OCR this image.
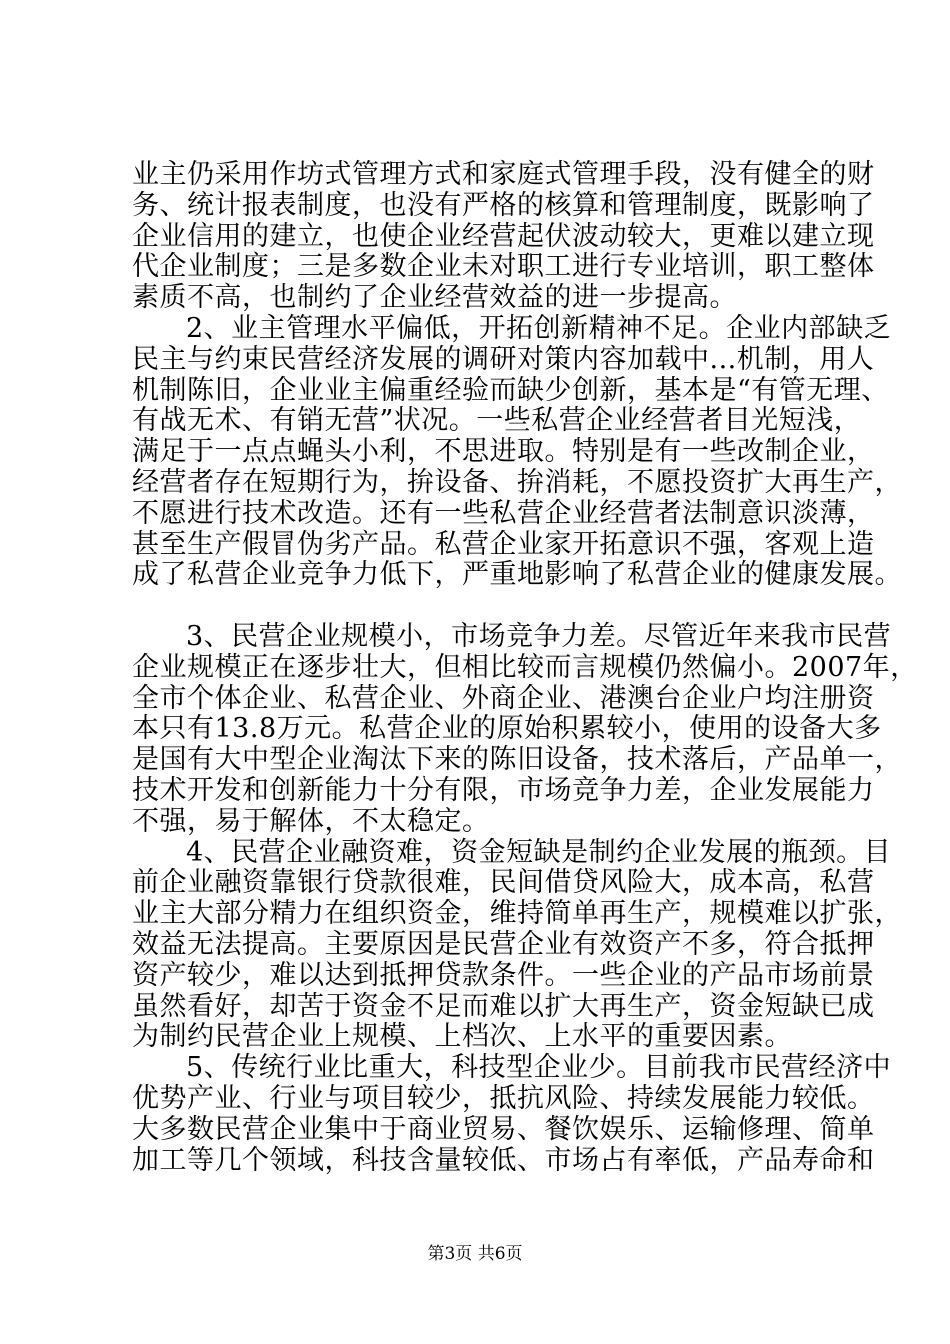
业主仍采用作坊式管理方式和家庭式管理手段，没有健全的财
务、统计报表制度，也没有严格的核算和管理制度，既影响了
企业信用的建立，也使企业经营起伏波动较大，更难以建立现
代企业制度；三是多数企业未对职工进行专业培训，职工整体
素质不高，也制约了企业经营效益的进一步提高。
2、业主管理水平偏低，开拓创新精神不足。企业内部缺乏
民主与约束民营经济发展的调研对策内容加载中...机制，用人
机制陈旧，企业业主偏重经验而缺少创新，基本是“有管无理、
有战无术、有销无营”状况。一些私营企业经营者目光短浅，
满足于一点点蝇头小利，不思进取。特别是有一些改制企业，
经营者存在短期行为，拚设备、拚消耗，不愿投资扩大再生产，
不愿进行技术改造。还有一些私营企业经营者法制意识淡薄，
甚至生产假冒伪劣产品。私营企业家开拓意识不强，客观上造
成了私营企业竞争力低下，严重地影响了私营企业的健康发展。
3、民营企业规模小，市场竞争力差。尽管近年来我市民营
企业规模正在逐步壮大，但相比较而言规模仍然偏小。2007年，
全市个体企业、私营企业、外商企业、港澳台企业户均注册资
本只有13.8万元。私营企业的原始积累较小，使用的设备大多
是国有大中型企业淘汰下来的陈旧设备，技术落后，产品单一，
技术开发和创新能力十分有限，市场竞争力差，企业发展能力
不强，易于解体，不太稳定。
4、民营企业融资难，资金短缺是制约企业发展的瓶颈。目
前企业融资靠银行贷款很难，民间借贷风险大，成本高，私营
业主大部分精力在组织资金，维持简单再生产，规模难以扩张，
效益无法提高。主要原因是民营企业有效资产不多，符合抵押
资产较少，难以达到抵押贷款条件。一些企业的产品市场前景
虽然看好，却苦于资金不足而难以扩大再生产，资金短缺已成
为制约民营企业上规模、上档次、上水平的重要因素。
5、传统行业比重大，科技型企业少。目前我市民营经济中
优势产业、行业与项目较少，抵抗风险、持续发展能力较低。
大多数民营企业集中于商业贸易、餐饮娱乐、运输修理、简单
加工等几个领域，科技含量较低、市场占有率低，产品寿命和
第3页 共6页
